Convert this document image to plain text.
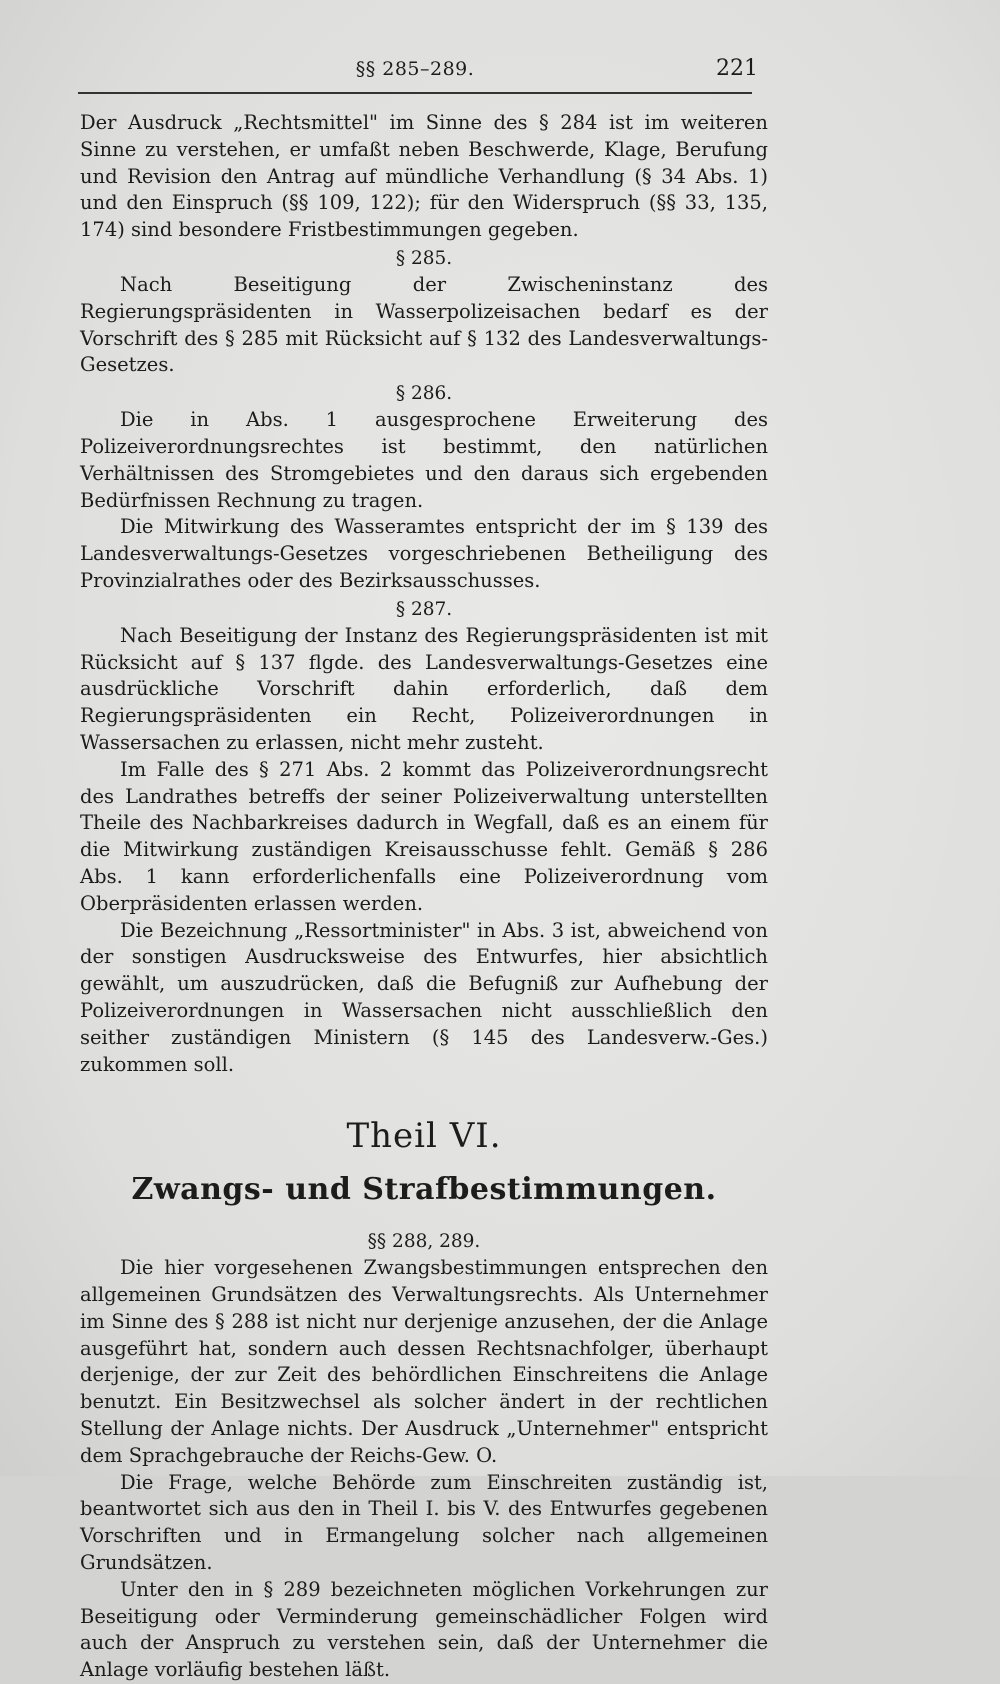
§§ 285–289.	221

Der Ausdruck „Rechtsmittel" im Sinne des § 284 ist im weiteren Sinne zu verstehen, er umfaßt neben Beschwerde, Klage, Berufung und Revision den Antrag auf mündliche Verhandlung (§ 34 Abs. 1) und den Einspruch (§§ 109, 122); für den Widerspruch (§§ 33, 135, 174) sind besondere Fristbestimmungen gegeben.

§ 285.

Nach Beseitigung der Zwischeninstanz des Regierungspräsidenten in Wasserpolizeisachen bedarf es der Vorschrift des § 285 mit Rücksicht auf § 132 des Landesverwaltungs-Gesetzes.

§ 286.

Die in Abs. 1 ausgesprochene Erweiterung des Polizeiverordnungsrechtes ist bestimmt, den natürlichen Verhältnissen des Stromgebietes und den daraus sich ergebenden Bedürfnissen Rechnung zu tragen.

Die Mitwirkung des Wasseramtes entspricht der im § 139 des Landesverwaltungs-Gesetzes vorgeschriebenen Betheiligung des Provinzialrathes oder des Bezirksausschusses.

§ 287.

Nach Beseitigung der Instanz des Regierungspräsidenten ist mit Rücksicht auf § 137 flgde. des Landesverwaltungs-Gesetzes eine ausdrückliche Vorschrift dahin erforderlich, daß dem Regierungspräsidenten ein Recht, Polizeiverordnungen in Wassersachen zu erlassen, nicht mehr zusteht.

Im Falle des § 271 Abs. 2 kommt das Polizeiverordnungsrecht des Landrathes betreffs der seiner Polizeiverwaltung unterstellten Theile des Nachbarkreises dadurch in Wegfall, daß es an einem für die Mitwirkung zuständigen Kreisausschusse fehlt. Gemäß § 286 Abs. 1 kann erforderlichenfalls eine Polizeiverordnung vom Oberpräsidenten erlassen werden.

Die Bezeichnung „Ressortminister" in Abs. 3 ist, abweichend von der sonstigen Ausdrucksweise des Entwurfes, hier absichtlich gewählt, um auszudrücken, daß die Befugniß zur Aufhebung der Polizeiverordnungen in Wassersachen nicht ausschließlich den seither zuständigen Ministern (§ 145 des Landesverw.-Ges.) zukommen soll.

Theil VI.
Zwangs- und Strafbestimmungen.
§§ 288, 289.

Die hier vorgesehenen Zwangsbestimmungen entsprechen den allgemeinen Grundsätzen des Verwaltungsrechts. Als Unternehmer im Sinne des § 288 ist nicht nur derjenige anzusehen, der die Anlage ausgeführt hat, sondern auch dessen Rechtsnachfolger, überhaupt derjenige, der zur Zeit des behördlichen Einschreitens die Anlage benutzt. Ein Besitzwechsel als solcher ändert in der rechtlichen Stellung der Anlage nichts. Der Ausdruck „Unternehmer" entspricht dem Sprachgebrauche der Reichs-Gew. O.

Die Frage, welche Behörde zum Einschreiten zuständig ist, beantwortet sich aus den in Theil I. bis V. des Entwurfes gegebenen Vorschriften und in Ermangelung solcher nach allgemeinen Grundsätzen.

Unter den in § 289 bezeichneten möglichen Vorkehrungen zur Beseitigung oder Verminderung gemeinschädlicher Folgen wird auch der Anspruch zu verstehen sein, daß der Unternehmer die Anlage vorläufig bestehen läßt.
